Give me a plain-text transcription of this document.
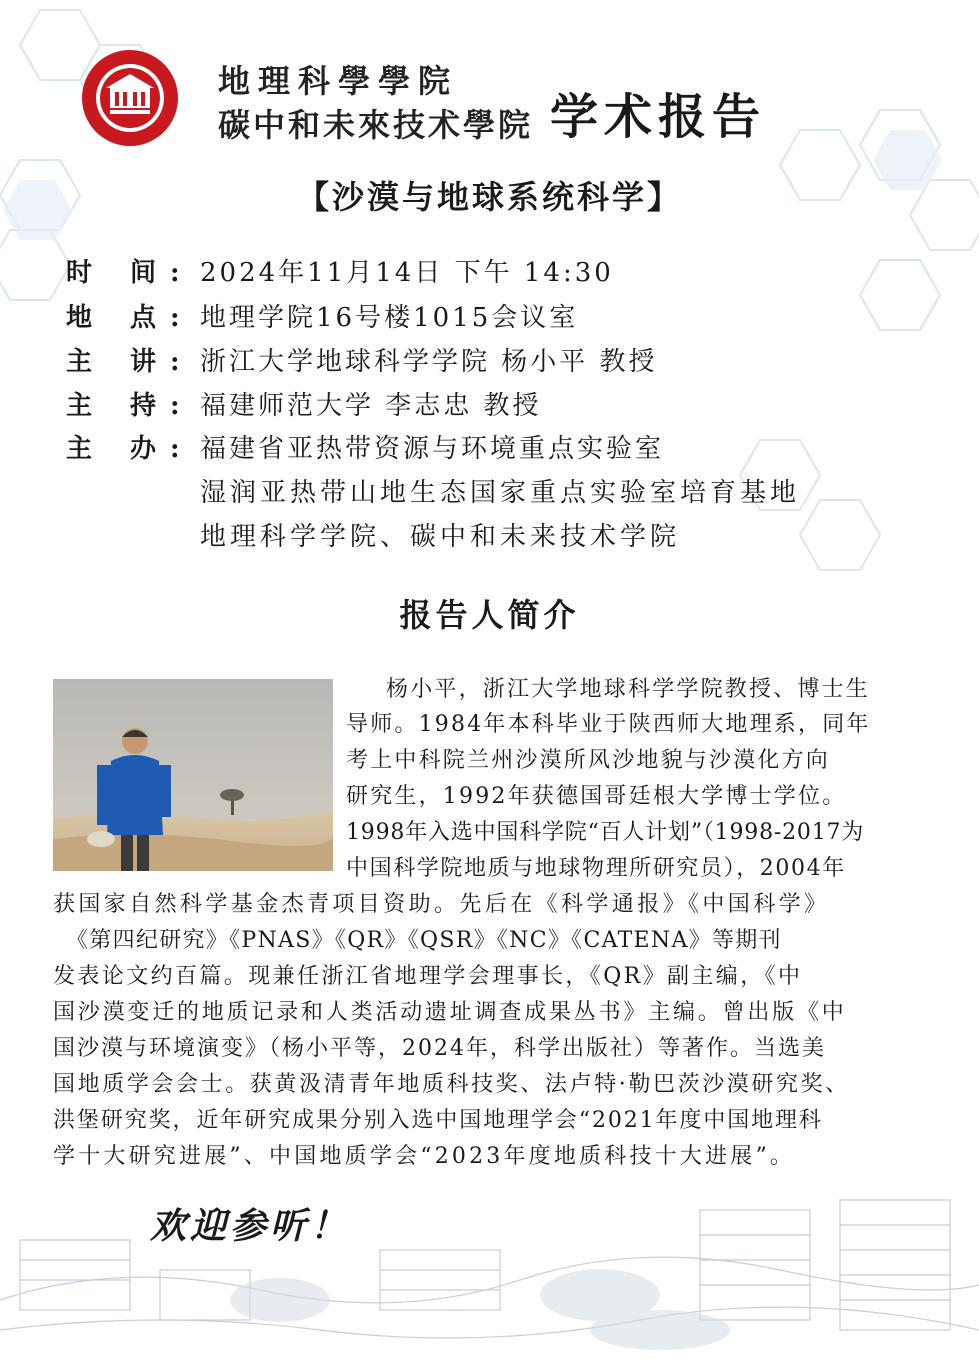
地理科學學院
碳中和未來技术學院 学术报告
【沙漠与地球系统科学】
时 间 : 2024年11月14日 下午 14:30
地 点 : 地理学院16号楼1015会议室
主 讲 : 浙江大学地球科学学院 杨小平 教授
主 持 : 福建师范大学 李志忠 教授
主 办 : 福建省亚热带资源与环境重点实验室
湿润亚热带山地生态国家重点实验室培育基地
地理科学学院、碳中和未来技术学院
报告人简介
杨小平，浙江大学地球科学学院教授、博士生
导师。1984年本科毕业于陕西师大地理系，同年
考上中科院兰州沙漠所风沙地貌与沙漠化方向
研究生，1992年获德国哥廷根大学博士学位。
1998年入选中国科学院“百人计划”（1998-2017为
中国科学院地质与地球物理所研究员），2004年
获国家自然科学基金杰青项目资助。先后在《科学通报》《中国科学》
《第四纪研究》《PNAS》《QR》《QSR》《NC》《CATENA》等期刊
发表论文约百篇。现兼任浙江省地理学会理事长，《QR》副主编，《中
国沙漠变迁的地质记录和人类活动遗址调查成果丛书》主编。曾出版《中
国沙漠与环境演变》（杨小平等，2024年，科学出版社）等著作。当选美
国地质学会会士。获黄汲清青年地质科技奖、法卢特·勒巴茨沙漠研究奖、
洪堡研究奖，近年研究成果分别入选中国地理学会“2021年度中国地理科
学十大研究进展”、中国地质学会“2023年度地质科技十大进展”。
欢迎参听！
